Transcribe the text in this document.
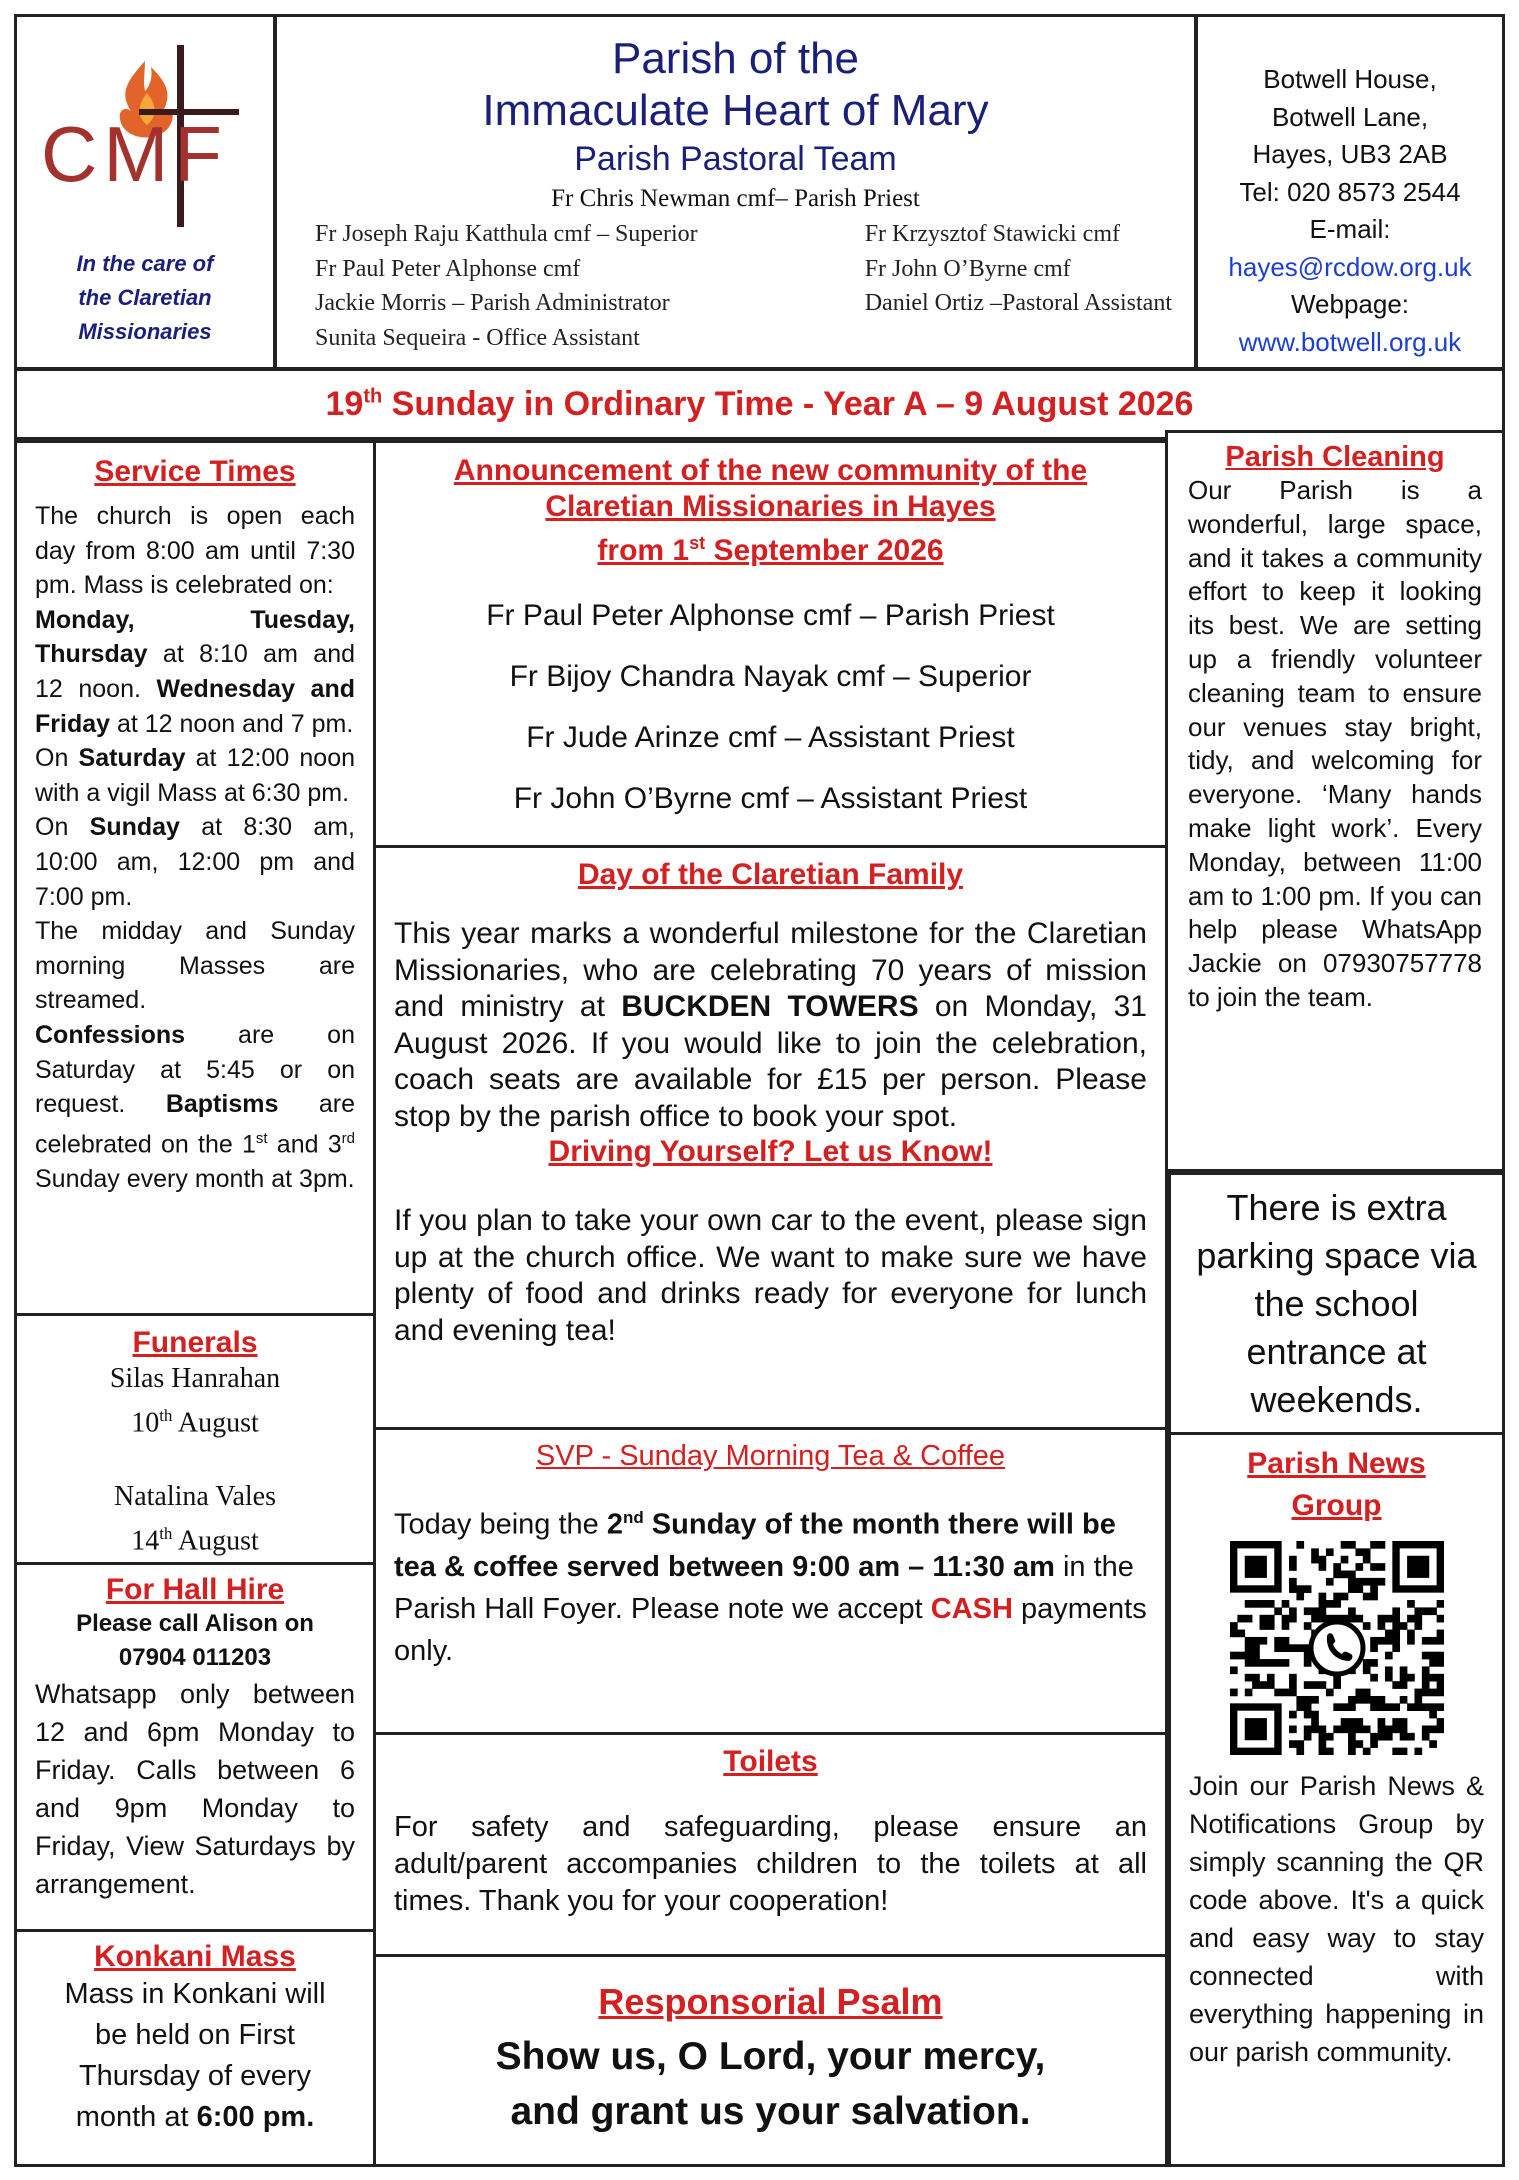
CMF
In the care of
the Claretian
Missionaries
Parish of the
Immaculate Heart of Mary
Parish Pastoral Team
Fr Chris Newman cmf– Parish Priest
Fr Joseph Raju Katthula cmf – Superior
Fr Paul Peter Alphonse cmf
Jackie Morris – Parish Administrator
Sunita Sequeira - Office Assistant
Fr Krzysztof Stawicki cmf
Fr John O’Byrne cmf
Daniel Ortiz –Pastoral Assistant
Botwell House,
Botwell Lane,
Hayes, UB3 2AB
Tel: 020 8573 2544
E-mail:
hayes@rcdow.org.uk
Webpage:
www.botwell.org.uk
19th Sunday in Ordinary Time - Year A – 9 August 2026
Service Times

The church is open each day from 8:00 am until 7:30 pm. Mass is celebrated on:

Monday, Tuesday, Thursday at 8:10 am and 12 noon. Wednesday and Friday at 12 noon and 7 pm.

On Saturday at 12:00 noon with a vigil Mass at 6:30 pm.

On Sunday at 8:30 am, 10:00 am, 12:00 pm and 7:00 pm.

The midday and Sunday morning Masses are streamed.

Confessions are on Saturday at 5:45 or on request. Baptisms are celebrated on the 1st and 3rd Sunday every month at 3pm.

Funerals
Silas Hanrahan
10th August
Natalina Vales
14th August
For Hall Hire
Please call Alison on 07904 011203
Whatsapp only between 12 and 6pm Monday to Friday. Calls between 6 and 9pm Monday to Friday, View Saturdays by arrangement.
Konkani Mass
Mass in Konkani will be held on First Thursday of every month at 6:00 pm.
Announcement of the new community of the
Claretian Missionaries in Hayes
from 1st September 2026
Fr Paul Peter Alphonse cmf – Parish Priest
Fr Bijoy Chandra Nayak cmf – Superior
Fr Jude Arinze cmf – Assistant Priest
Fr John O’Byrne cmf – Assistant Priest
Day of the Claretian Family

This year marks a wonderful milestone for the Claretian Missionaries, who are celebrating 70 years of mission and ministry at BUCKDEN TOWERS on Monday, 31 August 2026. If you would like to join the celebration, coach seats are available for £15 per person. Please stop by the parish office to book your spot.

Driving Yourself? Let us Know!

If you plan to take your own car to the event, please sign up at the church office. We want to make sure we have plenty of food and drinks ready for everyone for lunch and evening tea!

SVP - Sunday Morning Tea & Coffee

Today being the 2nd Sunday of the month there will be tea & coffee served between 9:00 am – 11:30 am in the Parish Hall Foyer. Please note we accept CASH payments only.

Toilets

For safety and safeguarding, please ensure an adult/parent accompanies children to the toilets at all times. Thank you for your cooperation!

Responsorial Psalm
Show us, O Lord, your mercy,
and grant us your salvation.
Parish Cleaning

Our Parish is a wonderful, large space, and it takes a community effort to keep it looking its best. We are setting up a friendly volunteer cleaning team to ensure our venues stay bright, tidy, and welcoming for everyone. ‘Many hands make light work’. Every Monday, between 11:00 am to 1:00 pm. If you can help please WhatsApp Jackie on 07930757778 to join the team.

There is extra parking space via the school entrance at weekends.
Parish News
Group

Join our Parish News & Notifications Group by simply scanning the QR code above. It's a quick and easy way to stay connected with everything happening in our parish community.
